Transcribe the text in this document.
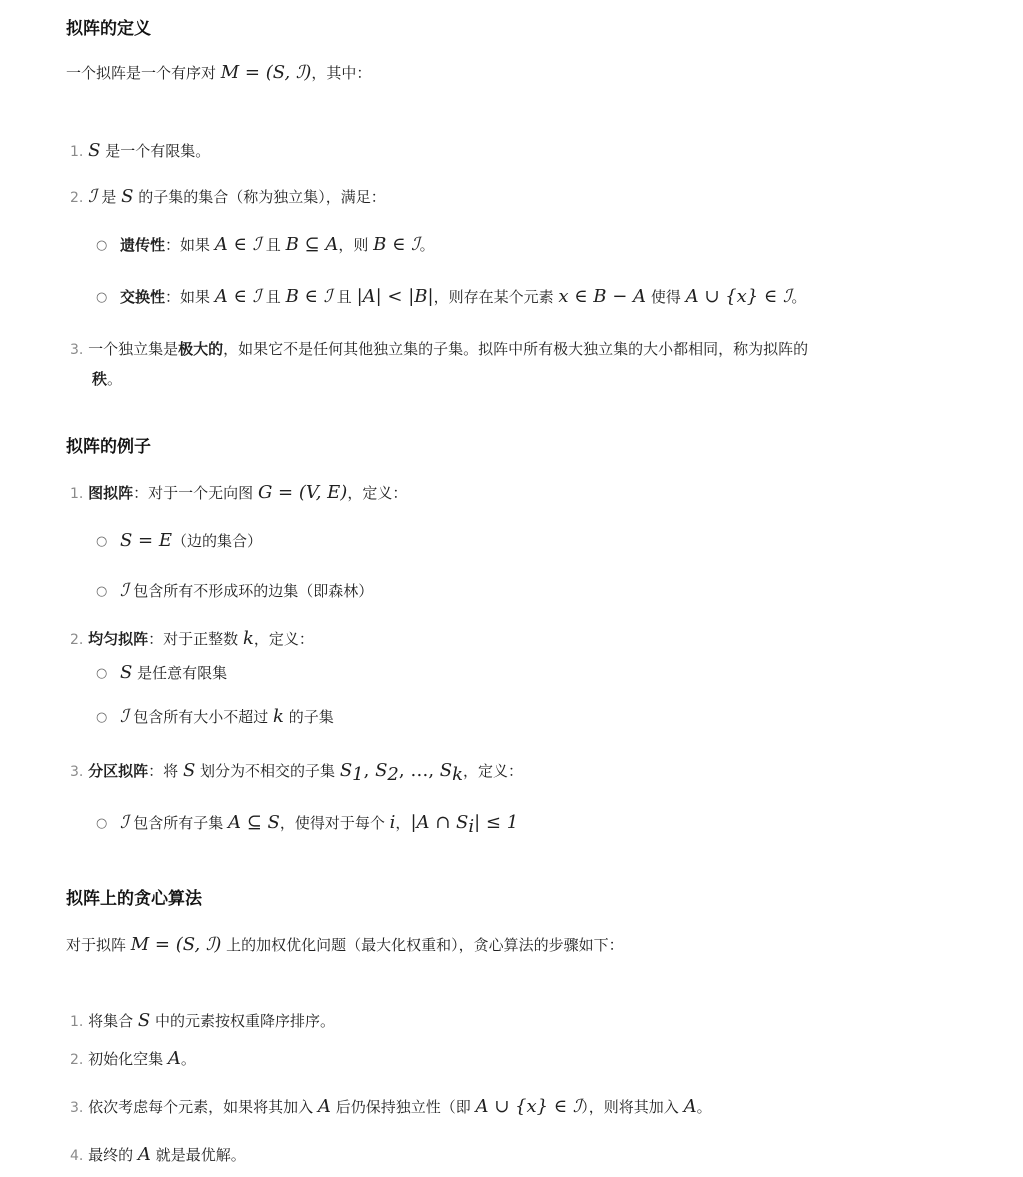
拟阵的定义
一个拟阵是一个有序对 M = (S, ℐ)，其中：
1. S 是一个有限集。
2. ℐ 是 S 的子集的集合（称为独立集），满足：
○ 遗传性：如果 A ∈ ℐ 且 B ⊆ A，则 B ∈ ℐ。
○ 交换性：如果 A ∈ ℐ 且 B ∈ ℐ 且 |A| < |B|，则存在某个元素 x ∈ B − A 使得 A ∪ {x} ∈ ℐ。
3. 一个独立集是极大的，如果它不是任何其他独立集的子集。拟阵中所有极大独立集的大小都相同，称为拟阵的
秩。
拟阵的例子
1. 图拟阵：对于一个无向图 G = (V, E)，定义：
○ S = E（边的集合）
○ ℐ 包含所有不形成环的边集（即森林）
2. 均匀拟阵：对于正整数 k，定义：
○ S 是任意有限集
○ ℐ 包含所有大小不超过 k 的子集
3. 分区拟阵：将 S 划分为不相交的子集 $S_1$, $S_2$, …, $S_k$，定义：
○ ℐ 包含所有子集 A ⊆ S，使得对于每个 i，|A ∩ $S_i| \le 1$
拟阵上的贪心算法
对于拟阵 M = (S, ℐ) 上的加权优化问题（最大化权重和），贪心算法的步骤如下：
1. 将集合 S 中的元素按权重降序排序。
2. 初始化空集 A。
3. 依次考虑每个元素，如果将其加入 A 后仍保持独立性（即 A ∪ {x} ∈ ℐ），则将其加入 A。
4. 最终的 A 就是最优解。
